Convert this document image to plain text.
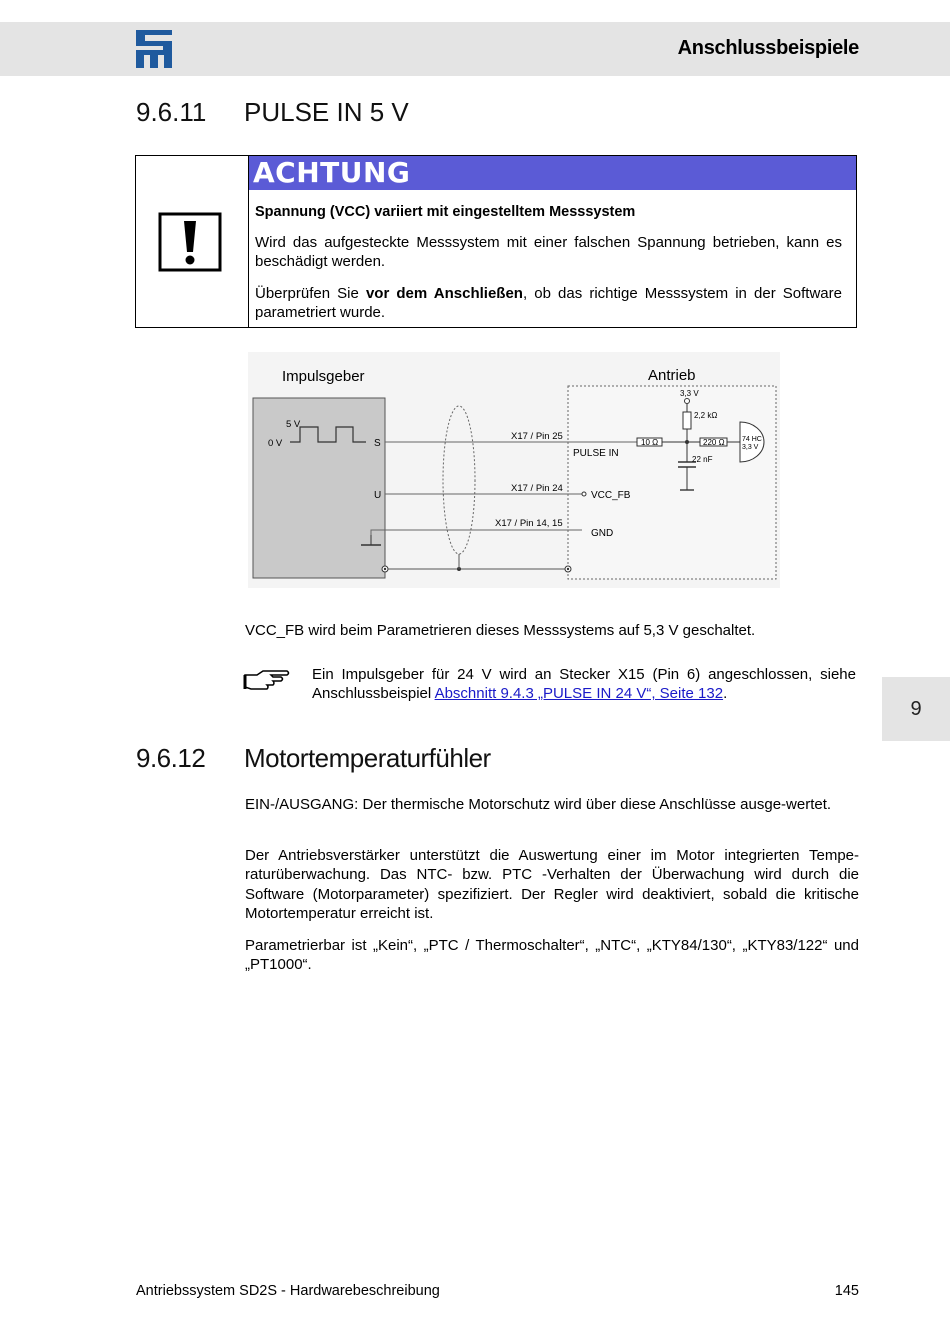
Anschlussbeispiele
9.6.11 PULSE IN 5 V
ACHTUNG
Spannung (VCC) variiert mit eingestelltem Messsystem
Wird das aufgesteckte Messsystem mit einer falschen Spannung betrieben, kann es beschädigt werden.
Überprüfen Sie vor dem Anschließen, ob das richtige Messsystem in der Software parametriert wurde.
Impulsgeber	Antrieb
5 V
0 V	S
U
X17 / Pin 25
X17 / Pin 24
X17 / Pin 14, 15
PULSE IN
VCC_FB
GND
3,3 V
2,2 kΩ
10 Ω	220 Ω
22 nF
74 HC
3,3 V
VCC_FB wird beim Parametrieren dieses Messsystems auf 5,3 V geschaltet.
Ein Impulsgeber für 24 V wird an Stecker X15 (Pin 6) angeschlossen, siehe Anschlussbeispiel Abschnitt 9.4.3 „PULSE IN 24 V“, Seite 132.
9
9.6.12 Motortemperaturfühler
EIN-/AUSGANG: Der thermische Motorschutz wird über diese Anschlüsse ausge-wertet.
Der Antriebsverstärker unterstützt die Auswertung einer im Motor integrierten Tempe-raturüberwachung. Das NTC- bzw. PTC -Verhalten der Überwachung wird durch die Software (Motorparameter) spezifiziert. Der Regler wird deaktiviert, sobald die kritische Motortemperatur erreicht ist.
Parametrierbar ist „Kein“, „PTC / Thermoschalter“, „NTC“, „KTY84/130“, „KTY83/122“ und „PT1000“.
Antriebssystem SD2S - Hardwarebeschreibung	145
